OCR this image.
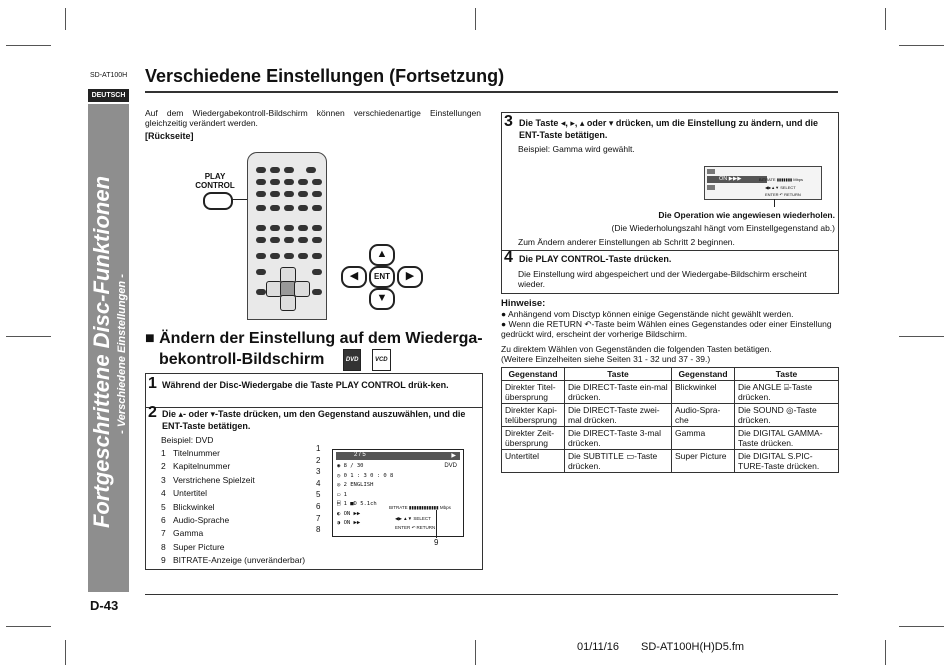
SD-AT100H
DEUTSCH
Fortgeschrittene Disc-Funktionen - Verschiedene Einstellungen -
Verschiedene Einstellungen (Fortsetzung)
Auf dem Wiedergabekontroll-Bildschirm können verschiedenartige Einstellungen gleichzeitig verändert werden.
[Rückseite]
PLAY CONTROL
▲
◀	ENT	▶
▼
■ Ändern der Einstellung auf dem Wiederga-
bekontroll-Bildschirm	DVD	VCD
1 Während der Disc-Wiedergabe die Taste PLAY CONTROL drük-ken.
2 Die ▴- oder ▾-Taste drücken, um den Gegenstand auszuwählen, und die ENT-Taste betätigen.
Beispiel: DVD
1 Titelnummer
2 Kapitelnummer
3 Verstrichene Spielzeit
4 Untertitel
5 Blickwinkel
6 Audio-Sprache
7 Gamma
8 Super Picture
9 BITRATE-Anzeige (unveränderbar)
1
2
3
4
5
6
7
8
2 / 5	▶
◉ 8 / 30
◷ 0 1 : 3 0 : 0 8
◎ 2 ENGLISH
▭ 1
⌸ 1 ■D 5.1ch
◐ ON ▶▶
◑ ON ▶▶
DVD
BITRATE ▮▮▮▮▮▮▮▮▮▮▮▮ Mbps
◀▶ ▲▼ SELECT
ENTER ↶ RETURN
9
3 Die Taste ◂, ▸, ▴ oder ▾ drücken, um die Einstellung zu ändern, und die ENT-Taste betätigen.
Beispiel: Gamma wird gewählt.
ON ▶▶▶	BITRATE ▮▮▮▮▮▮▮ Mbps
◀▶▲▼ SELECT
ENTER ↶ RETURN
Die Operation wie angewiesen wiederholen.
(Die Wiederholungszahl hängt vom Einstellgegenstand ab.)
Zum Ändern anderer Einstellungen ab Schritt 2 beginnen.
4 Die PLAY CONTROL-Taste drücken.
Die Einstellung wird abgespeichert und der Wiedergabe-Bildschirm erscheint wieder.
Hinweise:
● Anhängend vom Disctyp können einige Gegenstände nicht gewählt werden.
● Wenn die RETURN ↶-Taste beim Wählen eines Gegenstandes oder einer Einstellung gedrückt wird, erscheint der vorherige Bildschirm.
Zu direktem Wählen von Gegenständen die folgenden Tasten betätigen.
(Weitere Einzelheiten siehe Seiten 31 - 32 und 37 - 39.)
Gegenstand	Taste	Gegenstand	Taste
Direkter Titel-übersprung	Die DIRECT-Taste ein-mal drücken.	Blickwinkel	Die ANGLE ⌸-Taste drücken.
Direkter Kapi-telübersprung	Die DIRECT-Taste zwei-mal drücken.	Audio-Spra-che	Die SOUND ◎-Taste drücken.
Direkter Zeit-übersprung	Die DIRECT-Taste 3-mal drücken.	Gamma	Die DIGITAL GAMMA-Taste drücken.
Untertitel	Die SUBTITLE ▭-Taste drücken.	Super Picture	Die DIGITAL S.PIC-TURE-Taste drücken.
D-43
01/11/16 SD-AT100H(H)D5.fm
